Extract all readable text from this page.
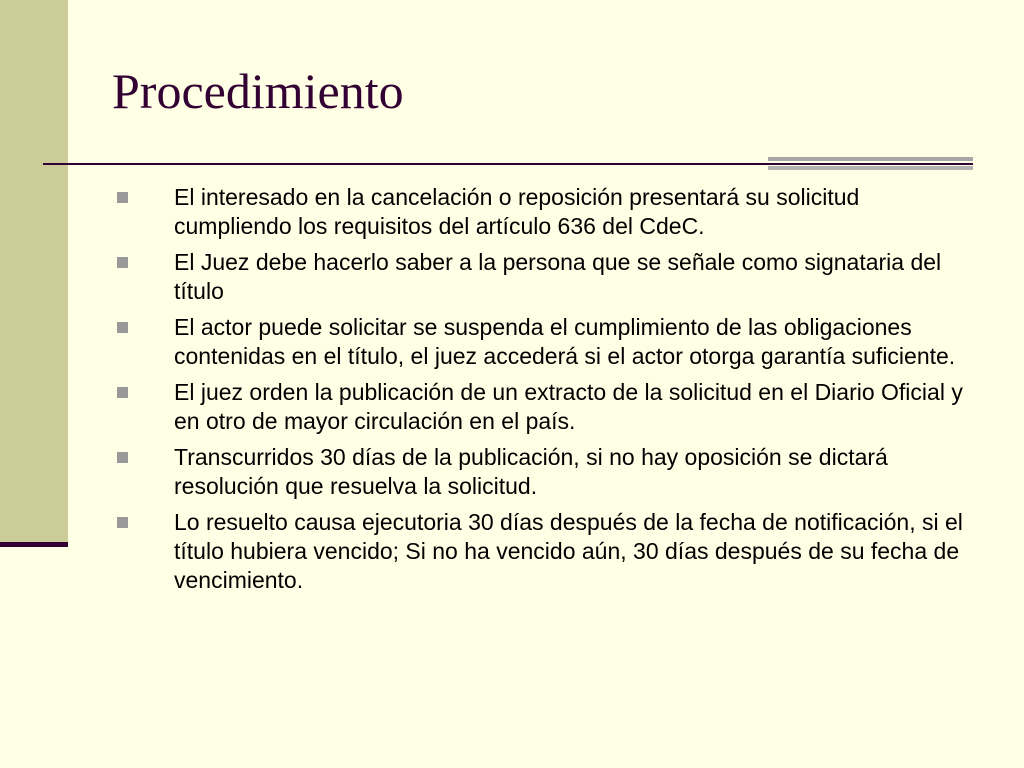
Procedimiento
El interesado en la cancelación o reposición presentará su solicitud cumpliendo los requisitos del artículo 636 del CdeC.
El Juez debe hacerlo saber a la persona que se señale como signataria del título
El actor puede solicitar se suspenda el cumplimiento de las obligaciones contenidas en el título, el juez accederá si el actor otorga garantía suficiente.
El juez orden la publicación de un extracto de la solicitud en el Diario Oficial y en otro de mayor circulación en el país.
Transcurridos 30 días de la publicación, si no hay oposición se dictará resolución que resuelva la solicitud.
Lo resuelto causa ejecutoria 30 días después de la fecha de notificación, si el título hubiera vencido; Si no ha vencido aún, 30 días después de su fecha de vencimiento.
